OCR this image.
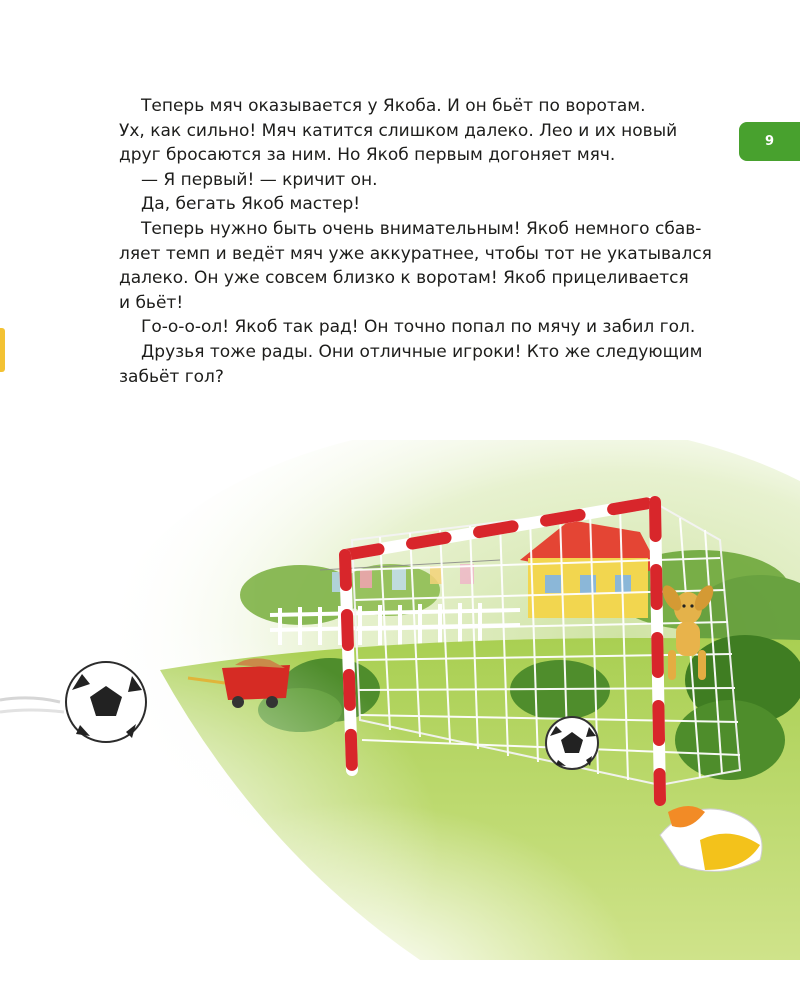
9
Теперь мяч оказывается у Якоба. И он бьёт по воротам.
Ух, как сильно! Мяч катится слишком далеко. Лео и их новый
друг бросаются за ним. Но Якоб первым догоняет мяч.
— Я первый! — кричит он.
Да, бегать Якоб мастер!
Теперь нужно быть очень внимательным! Якоб немного сбав-
ляет темп и ведёт мяч уже аккуратнее, чтобы тот не укатывался
далеко. Он уже совсем близко к воротам! Якоб прицеливается
и бьёт!
Го-о-о-ол! Якоб так рад! Он точно попал по мячу и забил гол.
Друзья тоже рады. Они отличные игроки! Кто же следующим
забьёт гол?
